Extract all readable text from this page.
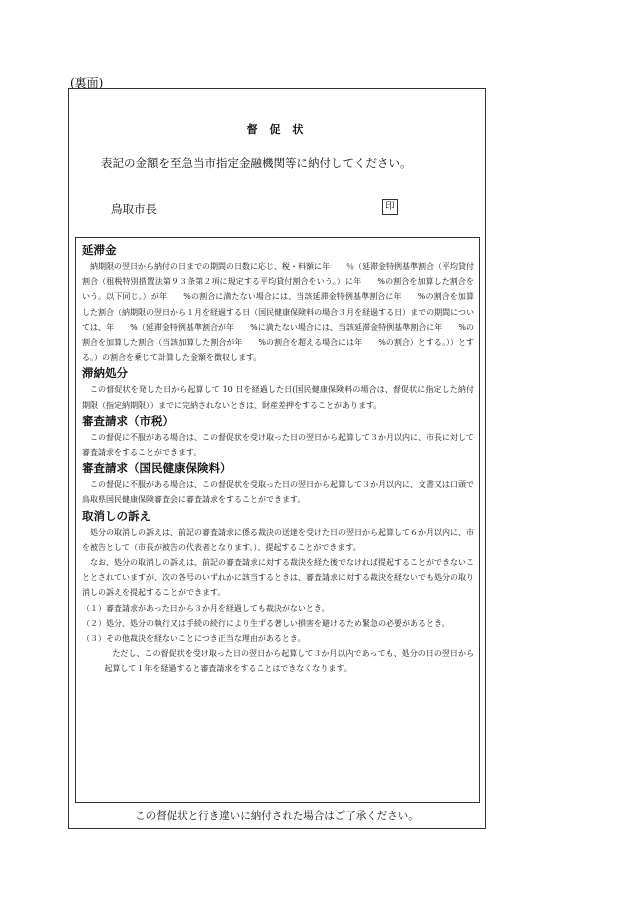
(裏面)
督 促 状
表記の金額を至急当市指定金融機関等に納付してください。
鳥取市長	印

延滞金

納期限の翌日から納付の日までの期間の日数に応じ、税・料額に年　　％（延滞金特例基準割合（平均貸付割合（租税特別措置法第９３条第２項に規定する平均貸付割合をいう。）に年　　%の割合を加算した割合をいう。以下同じ。）が年　　%の割合に満たない場合には、当該延滞金特例基準割合に年　　%の割合を加算した割合（納期限の翌日から１月を経過する日（国民健康保険料の場合３月を経過する日）までの期間については、年　　%（延滞金特例基準割合が年　　%に満たない場合には、当該延滞金特例基準割合に年　　%の割合を加算した割合（当該加算した割合が年　　%の割合を超える場合には年　　%の割合）とする。））とする。）の割合を乗じて計算した金額を徴収します。

滞納処分

この督促状を発した日から起算して 10 日を経過した日(国民健康保険料の場合は、督促状に指定した納付期限（指定納期限））までに完納されないときは、財産差押をすることがあります。

審査請求（市税）

この督促に不服がある場合は、この督促状を受け取った日の翌日から起算して３か月以内に、市長に対して審査請求をすることができます。

審査請求（国民健康保険料）

この督促に不服がある場合は、この督促状を受取った日の翌日から起算して３か月以内に、文書又は口頭で鳥取県国民健康保険審査会に審査請求をすることができます。

取消しの訴え

処分の取消しの訴えは、前記の審査請求に係る裁決の送達を受けた日の翌日から起算して６か月以内に、市を被告として（市長が被告の代表者となります。）、提起することができます。

なお、処分の取消しの訴えは、前記の審査請求に対する裁決を経た後でなければ提起することができないこととされていますが、次の各号のいずれかに該当するときは、審査請求に対する裁決を経ないでも処分の取り消しの訴えを提起することができます。

（１）審査請求があった日から３か月を経過しても裁決がないとき。

（２）処分、処分の執行又は手続の続行により生ずる著しい損害を避けるため緊急の必要があるとき。

（３）その他裁決を経ないことにつき正当な理由があるとき。

ただし、この督促状を受け取った日の翌日から起算して３か月以内であっても、処分の日の翌日から起算して１年を経過すると審査請求をすることはできなくなります。

この督促状と行き違いに納付された場合はご了承ください。
